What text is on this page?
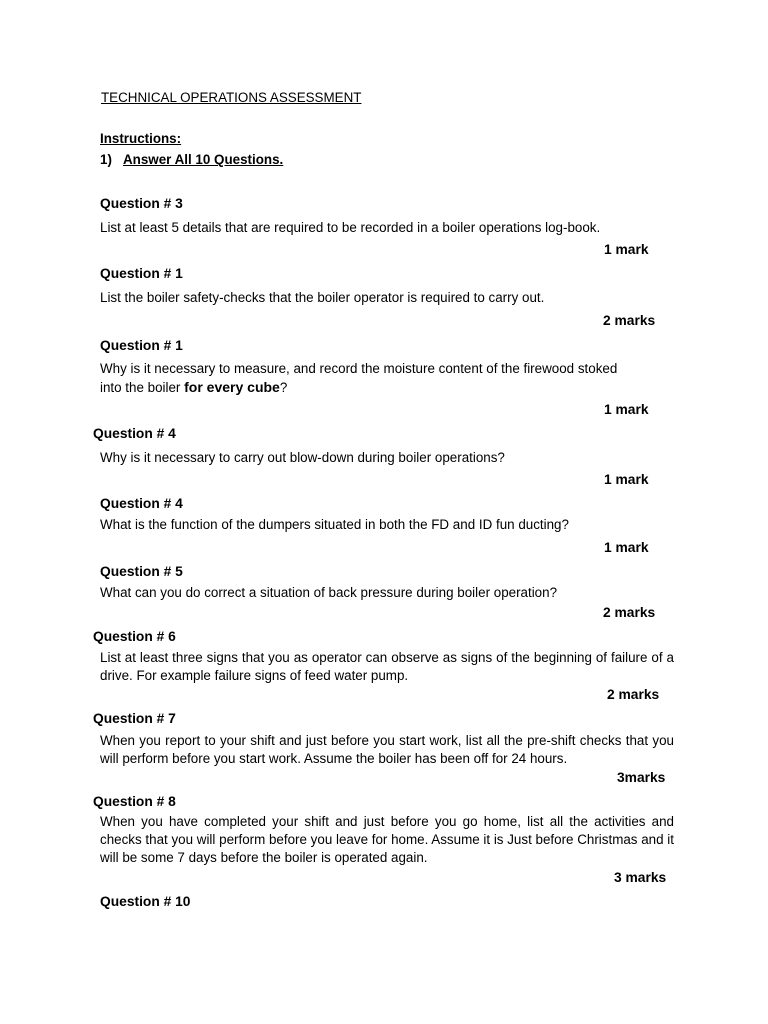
TECHNICAL OPERATIONS ASSESSMENT

Instructions:

1) Answer All 10 Questions.

Question # 3

List at least 5 details that are required to be recorded in a boiler operations log-book.

1 mark

Question # 1

List the boiler safety-checks that the boiler operator is required to carry out.

2 marks

Question # 1

Why is it necessary to measure, and record the moisture content of the firewood stoked

into the boiler for every cube?

1 mark

Question # 4

Why is it necessary to carry out blow-down during boiler operations?

1 mark

Question # 4

What is the function of the dumpers situated in both the FD and ID fun ducting?

1 mark

Question # 5

What can you do correct a situation of back pressure during boiler operation?

2 marks

Question # 6

List at least three signs that you as operator can observe as signs of the beginning of failure of a drive. For example failure signs of feed water pump.

2 marks

Question # 7

When you report to your shift and just before you start work, list all the pre-shift checks that you will perform before you start work. Assume the boiler has been off for 24 hours.

3marks

Question # 8

When you have completed your shift and just before you go home, list all the activities and checks that you will perform before you leave for home. Assume it is Just before Christmas and it will be some 7 days before the boiler is operated again.

3 marks

Question # 10
